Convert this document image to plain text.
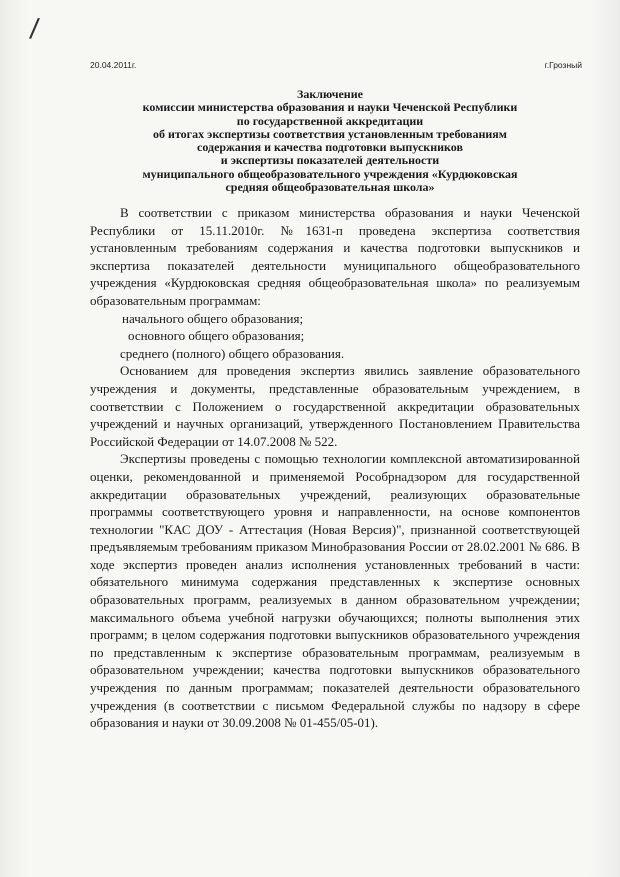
/
20.04.2011г.	г.Грозный
Заключение
комиссии министерства образования и науки Чеченской Республики
по государственной аккредитации
об итогах экспертизы соответствия установленным требованиям
содержания и качества подготовки выпускников
и экспертизы показателей деятельности
муниципального общеобразовательного учреждения «Курдюковская
средняя общеобразовательная школа»

В соответствии с приказом министерства образования и науки Чеченской Республики от 15.11.2010г. №1631-п проведена экспертиза соответствия установленным требованиям содержания и качества подготовки выпускников и экспертиза показателей деятельности муниципального общеобразовательного учреждения «Курдюковская средняя общеобразовательная школа» по реализуемым образовательным программам:

начального общего образования;
основного общего образования;
среднего (полного) общего образования.

Основанием для проведения экспертиз явились заявление образовательного учреждения и документы, представленные образовательным учреждением, в соответствии с Положением о государственной аккредитации образовательных учреждений и научных организаций, утвержденного Постановлением Правительства Российской Федерации от 14.07.2008 № 522.

Экспертизы проведены с помощью технологии комплексной автоматизированной оценки, рекомендованной и применяемой Рособрнадзором для государственной аккредитации образовательных учреждений, реализующих образовательные программы соответствующего уровня и направленности, на основе компонентов технологии "КАС ДОУ - Аттестация (Новая Версия)", признанной соответствующей предъявляемым требованиям приказом Минобразования России от 28.02.2001 № 686. В ходе экспертиз проведен анализ исполнения установленных требований в части: обязательного минимума содержания представленных к экспертизе основных образовательных программ, реализуемых в данном образовательном учреждении; максимального объема учебной нагрузки обучающихся; полноты выполнения этих программ; в целом содержания подготовки выпускников образовательного учреждения по представленным к экспертизе образовательным программам, реализуемым в образовательном учреждении; качества подготовки выпускников образовательного учреждения по данным программам; показателей деятельности образовательного учреждения (в соответствии с письмом Федеральной службы по надзору в сфере образования и науки от 30.09.2008 № 01-455/05-01).
